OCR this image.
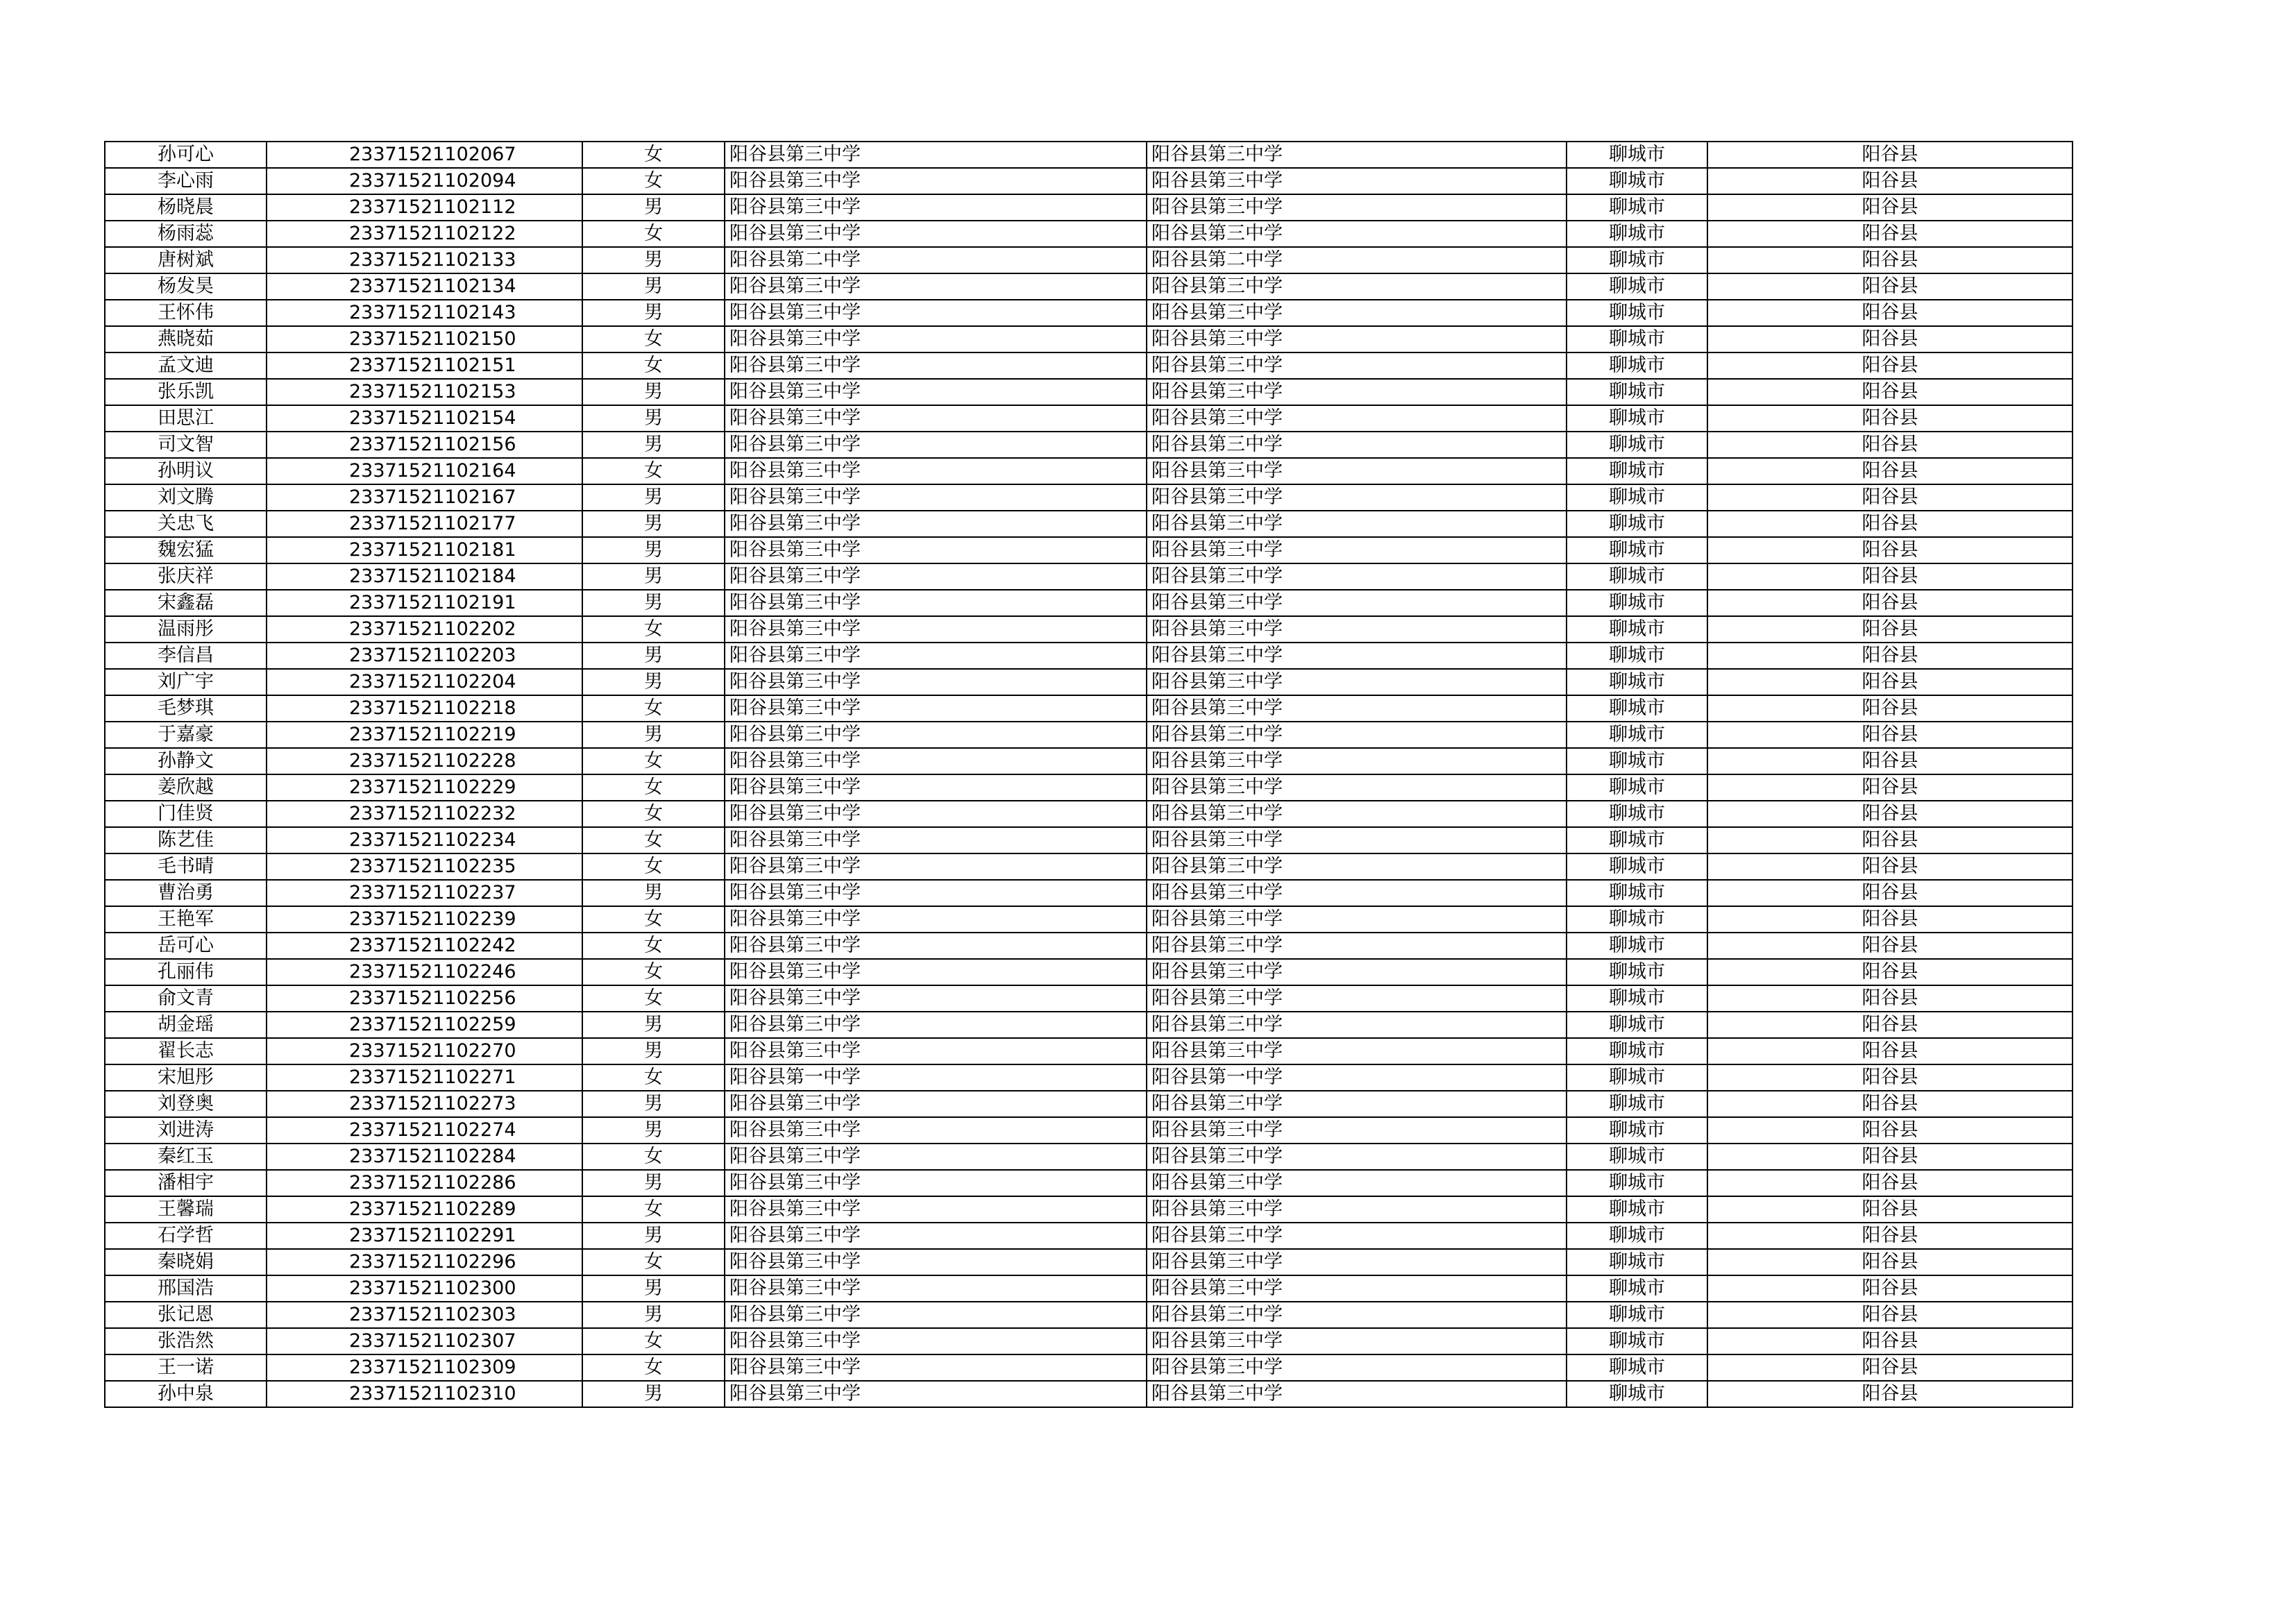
孙可心	23371521102067	女	阳谷县第三中学	阳谷县第三中学	聊城市	阳谷县
李心雨	23371521102094	女	阳谷县第三中学	阳谷县第三中学	聊城市	阳谷县
杨晓晨	23371521102112	男	阳谷县第三中学	阳谷县第三中学	聊城市	阳谷县
杨雨蕊	23371521102122	女	阳谷县第三中学	阳谷县第三中学	聊城市	阳谷县
唐树斌	23371521102133	男	阳谷县第二中学	阳谷县第二中学	聊城市	阳谷县
杨发昊	23371521102134	男	阳谷县第三中学	阳谷县第三中学	聊城市	阳谷县
王怀伟	23371521102143	男	阳谷县第三中学	阳谷县第三中学	聊城市	阳谷县
燕晓茹	23371521102150	女	阳谷县第三中学	阳谷县第三中学	聊城市	阳谷县
孟文迪	23371521102151	女	阳谷县第三中学	阳谷县第三中学	聊城市	阳谷县
张乐凯	23371521102153	男	阳谷县第三中学	阳谷县第三中学	聊城市	阳谷县
田思江	23371521102154	男	阳谷县第三中学	阳谷县第三中学	聊城市	阳谷县
司文智	23371521102156	男	阳谷县第三中学	阳谷县第三中学	聊城市	阳谷县
孙明议	23371521102164	女	阳谷县第三中学	阳谷县第三中学	聊城市	阳谷县
刘文腾	23371521102167	男	阳谷县第三中学	阳谷县第三中学	聊城市	阳谷县
关忠飞	23371521102177	男	阳谷县第三中学	阳谷县第三中学	聊城市	阳谷县
魏宏猛	23371521102181	男	阳谷县第三中学	阳谷县第三中学	聊城市	阳谷县
张庆祥	23371521102184	男	阳谷县第三中学	阳谷县第三中学	聊城市	阳谷县
宋鑫磊	23371521102191	男	阳谷县第三中学	阳谷县第三中学	聊城市	阳谷县
温雨彤	23371521102202	女	阳谷县第三中学	阳谷县第三中学	聊城市	阳谷县
李信昌	23371521102203	男	阳谷县第三中学	阳谷县第三中学	聊城市	阳谷县
刘广宇	23371521102204	男	阳谷县第三中学	阳谷县第三中学	聊城市	阳谷县
毛梦琪	23371521102218	女	阳谷县第三中学	阳谷县第三中学	聊城市	阳谷县
于嘉豪	23371521102219	男	阳谷县第三中学	阳谷县第三中学	聊城市	阳谷县
孙静文	23371521102228	女	阳谷县第三中学	阳谷县第三中学	聊城市	阳谷县
姜欣越	23371521102229	女	阳谷县第三中学	阳谷县第三中学	聊城市	阳谷县
门佳贤	23371521102232	女	阳谷县第三中学	阳谷县第三中学	聊城市	阳谷县
陈艺佳	23371521102234	女	阳谷县第三中学	阳谷县第三中学	聊城市	阳谷县
毛书晴	23371521102235	女	阳谷县第三中学	阳谷县第三中学	聊城市	阳谷县
曹治勇	23371521102237	男	阳谷县第三中学	阳谷县第三中学	聊城市	阳谷县
王艳军	23371521102239	女	阳谷县第三中学	阳谷县第三中学	聊城市	阳谷县
岳可心	23371521102242	女	阳谷县第三中学	阳谷县第三中学	聊城市	阳谷县
孔丽伟	23371521102246	女	阳谷县第三中学	阳谷县第三中学	聊城市	阳谷县
俞文青	23371521102256	女	阳谷县第三中学	阳谷县第三中学	聊城市	阳谷县
胡金瑶	23371521102259	男	阳谷县第三中学	阳谷县第三中学	聊城市	阳谷县
翟长志	23371521102270	男	阳谷县第三中学	阳谷县第三中学	聊城市	阳谷县
宋旭彤	23371521102271	女	阳谷县第一中学	阳谷县第一中学	聊城市	阳谷县
刘登奥	23371521102273	男	阳谷县第三中学	阳谷县第三中学	聊城市	阳谷县
刘进涛	23371521102274	男	阳谷县第三中学	阳谷县第三中学	聊城市	阳谷县
秦红玉	23371521102284	女	阳谷县第三中学	阳谷县第三中学	聊城市	阳谷县
潘相宇	23371521102286	男	阳谷县第三中学	阳谷县第三中学	聊城市	阳谷县
王馨瑞	23371521102289	女	阳谷县第三中学	阳谷县第三中学	聊城市	阳谷县
石学哲	23371521102291	男	阳谷县第三中学	阳谷县第三中学	聊城市	阳谷县
秦晓娟	23371521102296	女	阳谷县第三中学	阳谷县第三中学	聊城市	阳谷县
邢国浩	23371521102300	男	阳谷县第三中学	阳谷县第三中学	聊城市	阳谷县
张记恩	23371521102303	男	阳谷县第三中学	阳谷县第三中学	聊城市	阳谷县
张浩然	23371521102307	女	阳谷县第三中学	阳谷县第三中学	聊城市	阳谷县
王一诺	23371521102309	女	阳谷县第三中学	阳谷县第三中学	聊城市	阳谷县
孙中泉	23371521102310	男	阳谷县第三中学	阳谷县第三中学	聊城市	阳谷县
